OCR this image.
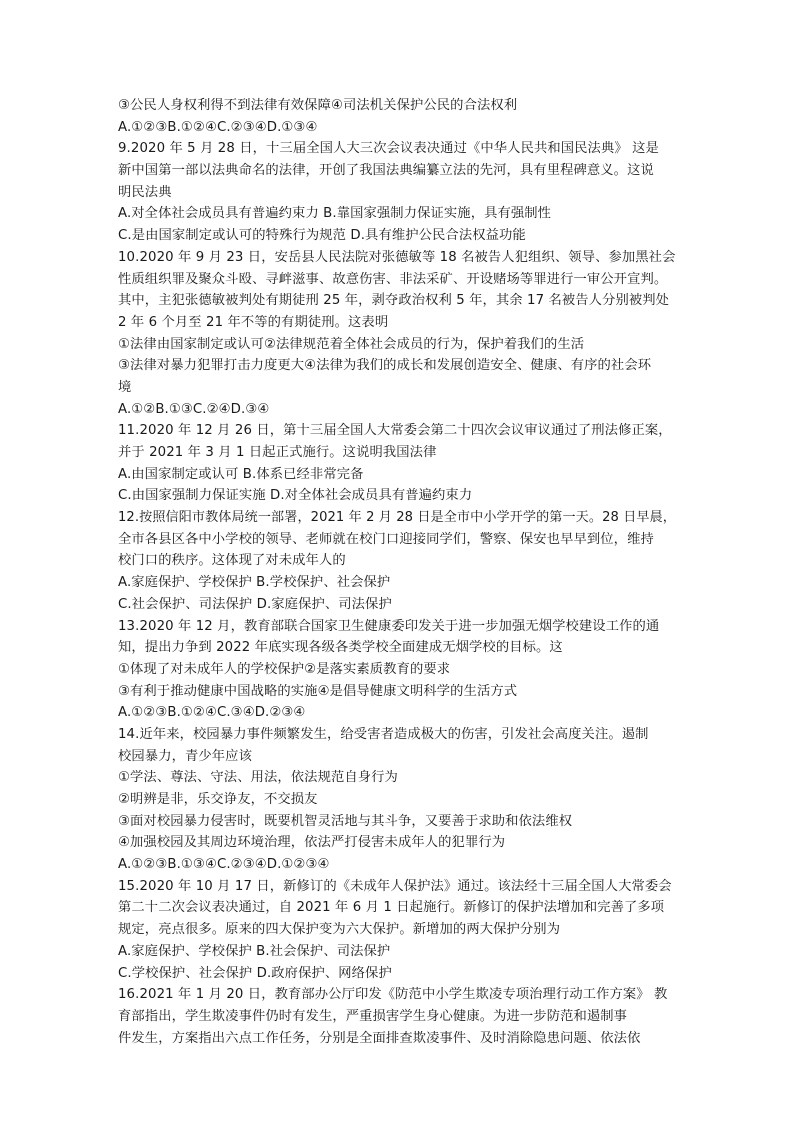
③公民人身权利得不到法律有效保障④司法机关保护公民的合法权利
A.①②③B.①②④C.②③④D.①③④
9.2020 年 5 月 28 日，十三届全国人大三次会议表决通过《中华人民共和国民法典》 这是
新中国第一部以法典命名的法律，开创了我国法典编纂立法的先河，具有里程碑意义。这说
明民法典
A.对全体社会成员具有普遍约束力 B.靠国家强制力保证实施，具有强制性
C.是由国家制定或认可的特殊行为规范 D.具有维护公民合法权益功能
10.2020 年 9 月 23 日，安岳县人民法院对张德敏等 18 名被告人犯组织、领导、参加黑社会
性质组织罪及聚众斗殴、寻衅滋事、故意伤害、非法采矿、开设赌场等罪进行一审公开宣判。
其中，主犯张德敏被判处有期徒刑 25 年，剥夺政治权利 5 年，其余 17 名被告人分别被判处
2 年 6 个月至 21 年不等的有期徒刑。这表明
①法律由国家制定或认可②法律规范着全体社会成员的行为，保护着我们的生活
③法律对暴力犯罪打击力度更大④法律为我们的成长和发展创造安全、健康、有序的社会环
境
A.①②B.①③C.②④D.③④
11.2020 年 12 月 26 日，第十三届全国人大常委会第二十四次会议审议通过了刑法修正案，
并于 2021 年 3 月 1 日起正式施行。这说明我国法律
A.由国家制定或认可 B.体系已经非常完备
C.由国家强制力保证实施 D.对全体社会成员具有普遍约束力
12.按照信阳市教体局统一部署，2021 年 2 月 28 日是全市中小学开学的第一天。28 日早晨，
全市各县区各中小学校的领导、老师就在校门口迎接同学们，警察、保安也早早到位，维持
校门口的秩序。这体现了对未成年人的
A.家庭保护、学校保护 B.学校保护、社会保护
C.社会保护、司法保护 D.家庭保护、司法保护
13.2020 年 12 月，教育部联合国家卫生健康委印发关于进一步加强无烟学校建设工作的通
知，提出力争到 2022 年底实现各级各类学校全面建成无烟学校的目标。这
①体现了对未成年人的学校保护②是落实素质教育的要求
③有利于推动健康中国战略的实施④是倡导健康文明科学的生活方式
A.①②③B.①②④C.③④D.②③④
14.近年来，校园暴力事件频繁发生，给受害者造成极大的伤害，引发社会高度关注。遏制
校园暴力，青少年应该
①学法、尊法、守法、用法，依法规范自身行为
②明辨是非，乐交诤友，不交损友
③面对校园暴力侵害时，既要机智灵活地与其斗争，又要善于求助和依法维权
④加强校园及其周边环境治理，依法严打侵害未成年人的犯罪行为
A.①②③B.①③④C.②③④D.①②③④
15.2020 年 10 月 17 日，新修订的《未成年人保护法》通过。该法经十三届全国人大常委会
第二十二次会议表决通过，自 2021 年 6 月 1 日起施行。新修订的保护法增加和完善了多项
规定，亮点很多。原来的四大保护变为六大保护。新增加的两大保护分别为
A.家庭保护、学校保护 B.社会保护、司法保护
C.学校保护、社会保护 D.政府保护、网络保护
16.2021 年 1 月 20 日，教育部办公厅印发《防范中小学生欺凌专项治理行动工作方案》 教
育部指出，学生欺凌事件仍时有发生，严重损害学生身心健康。为进一步防范和遏制事
件发生，方案指出六点工作任务，分别是全面排查欺凌事件、及时消除隐患问题、依法依
